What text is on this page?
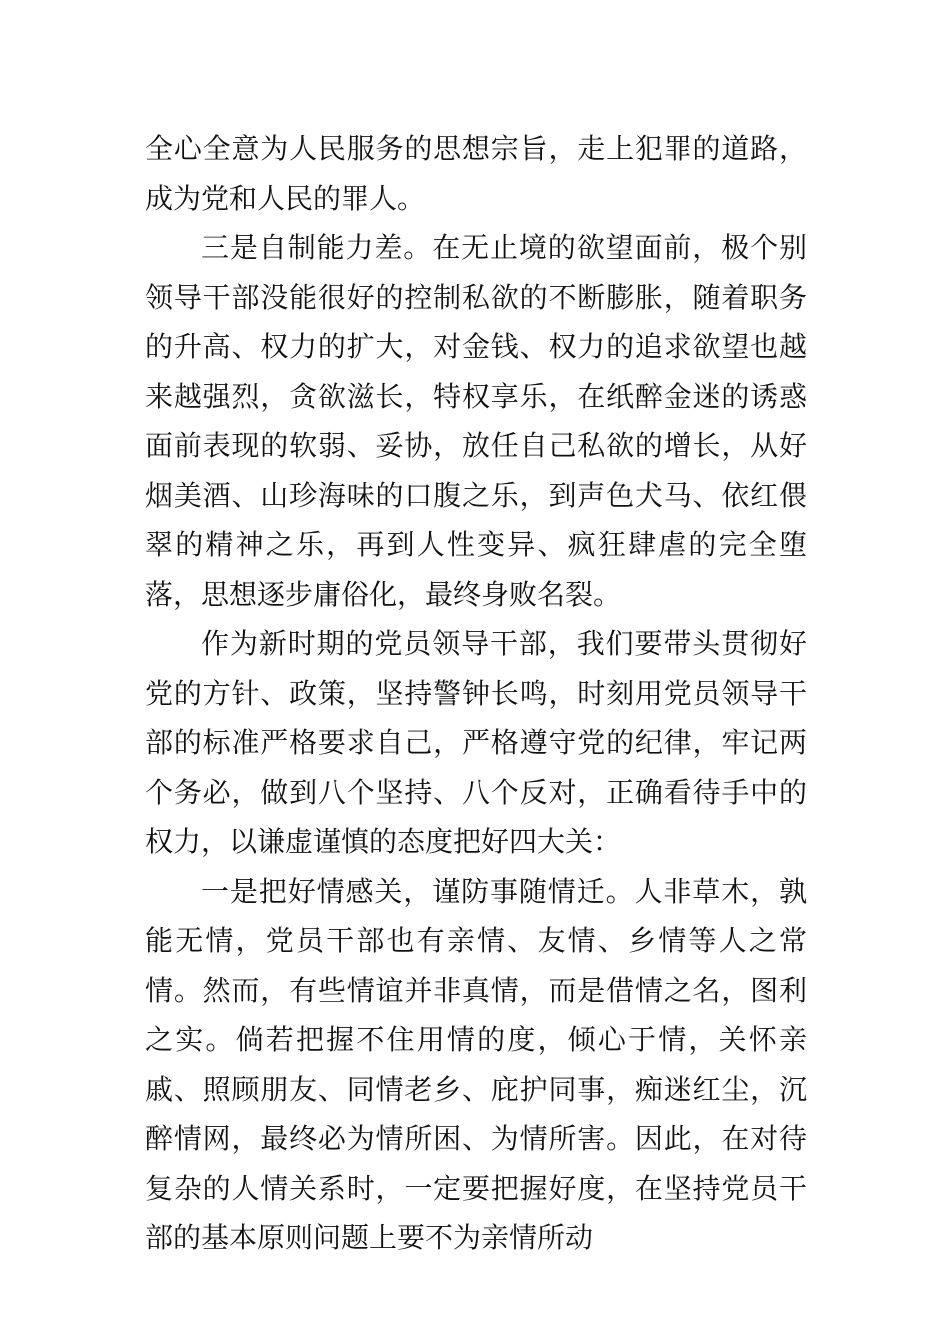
全心全意为人民服务的思想宗旨，走上犯罪的道路，成为党和人民的罪人。

三是自制能力差。在无止境的欲望面前，极个别领导干部没能很好的控制私欲的不断膨胀，随着职务的升高、权力的扩大，对金钱、权力的追求欲望也越来越强烈，贪欲滋长，特权享乐，在纸醉金迷的诱惑面前表现的软弱、妥协，放任自己私欲的增长，从好烟美酒、山珍海味的口腹之乐，到声色犬马、依红偎翠的精神之乐，再到人性变异、疯狂肆虐的完全堕落，思想逐步庸俗化，最终身败名裂。

作为新时期的党员领导干部，我们要带头贯彻好党的方针、政策，坚持警钟长鸣，时刻用党员领导干部的标准严格要求自己，严格遵守党的纪律，牢记两个务必，做到八个坚持、八个反对，正确看待手中的权力，以谦虚谨慎的态度把好四大关：

一是把好情感关，谨防事随情迁。人非草木，孰能无情，党员干部也有亲情、友情、乡情等人之常情。然而，有些情谊并非真情，而是借情之名，图利之实。倘若把握不住用情的度，倾心于情，关怀亲戚、照顾朋友、同情老乡、庇护同事，痴迷红尘，沉醉情网，最终必为情所困、为情所害。因此，在对待复杂的人情关系时，一定要把握好度，在坚持党员干部的基本原则问题上要不为亲情所动
